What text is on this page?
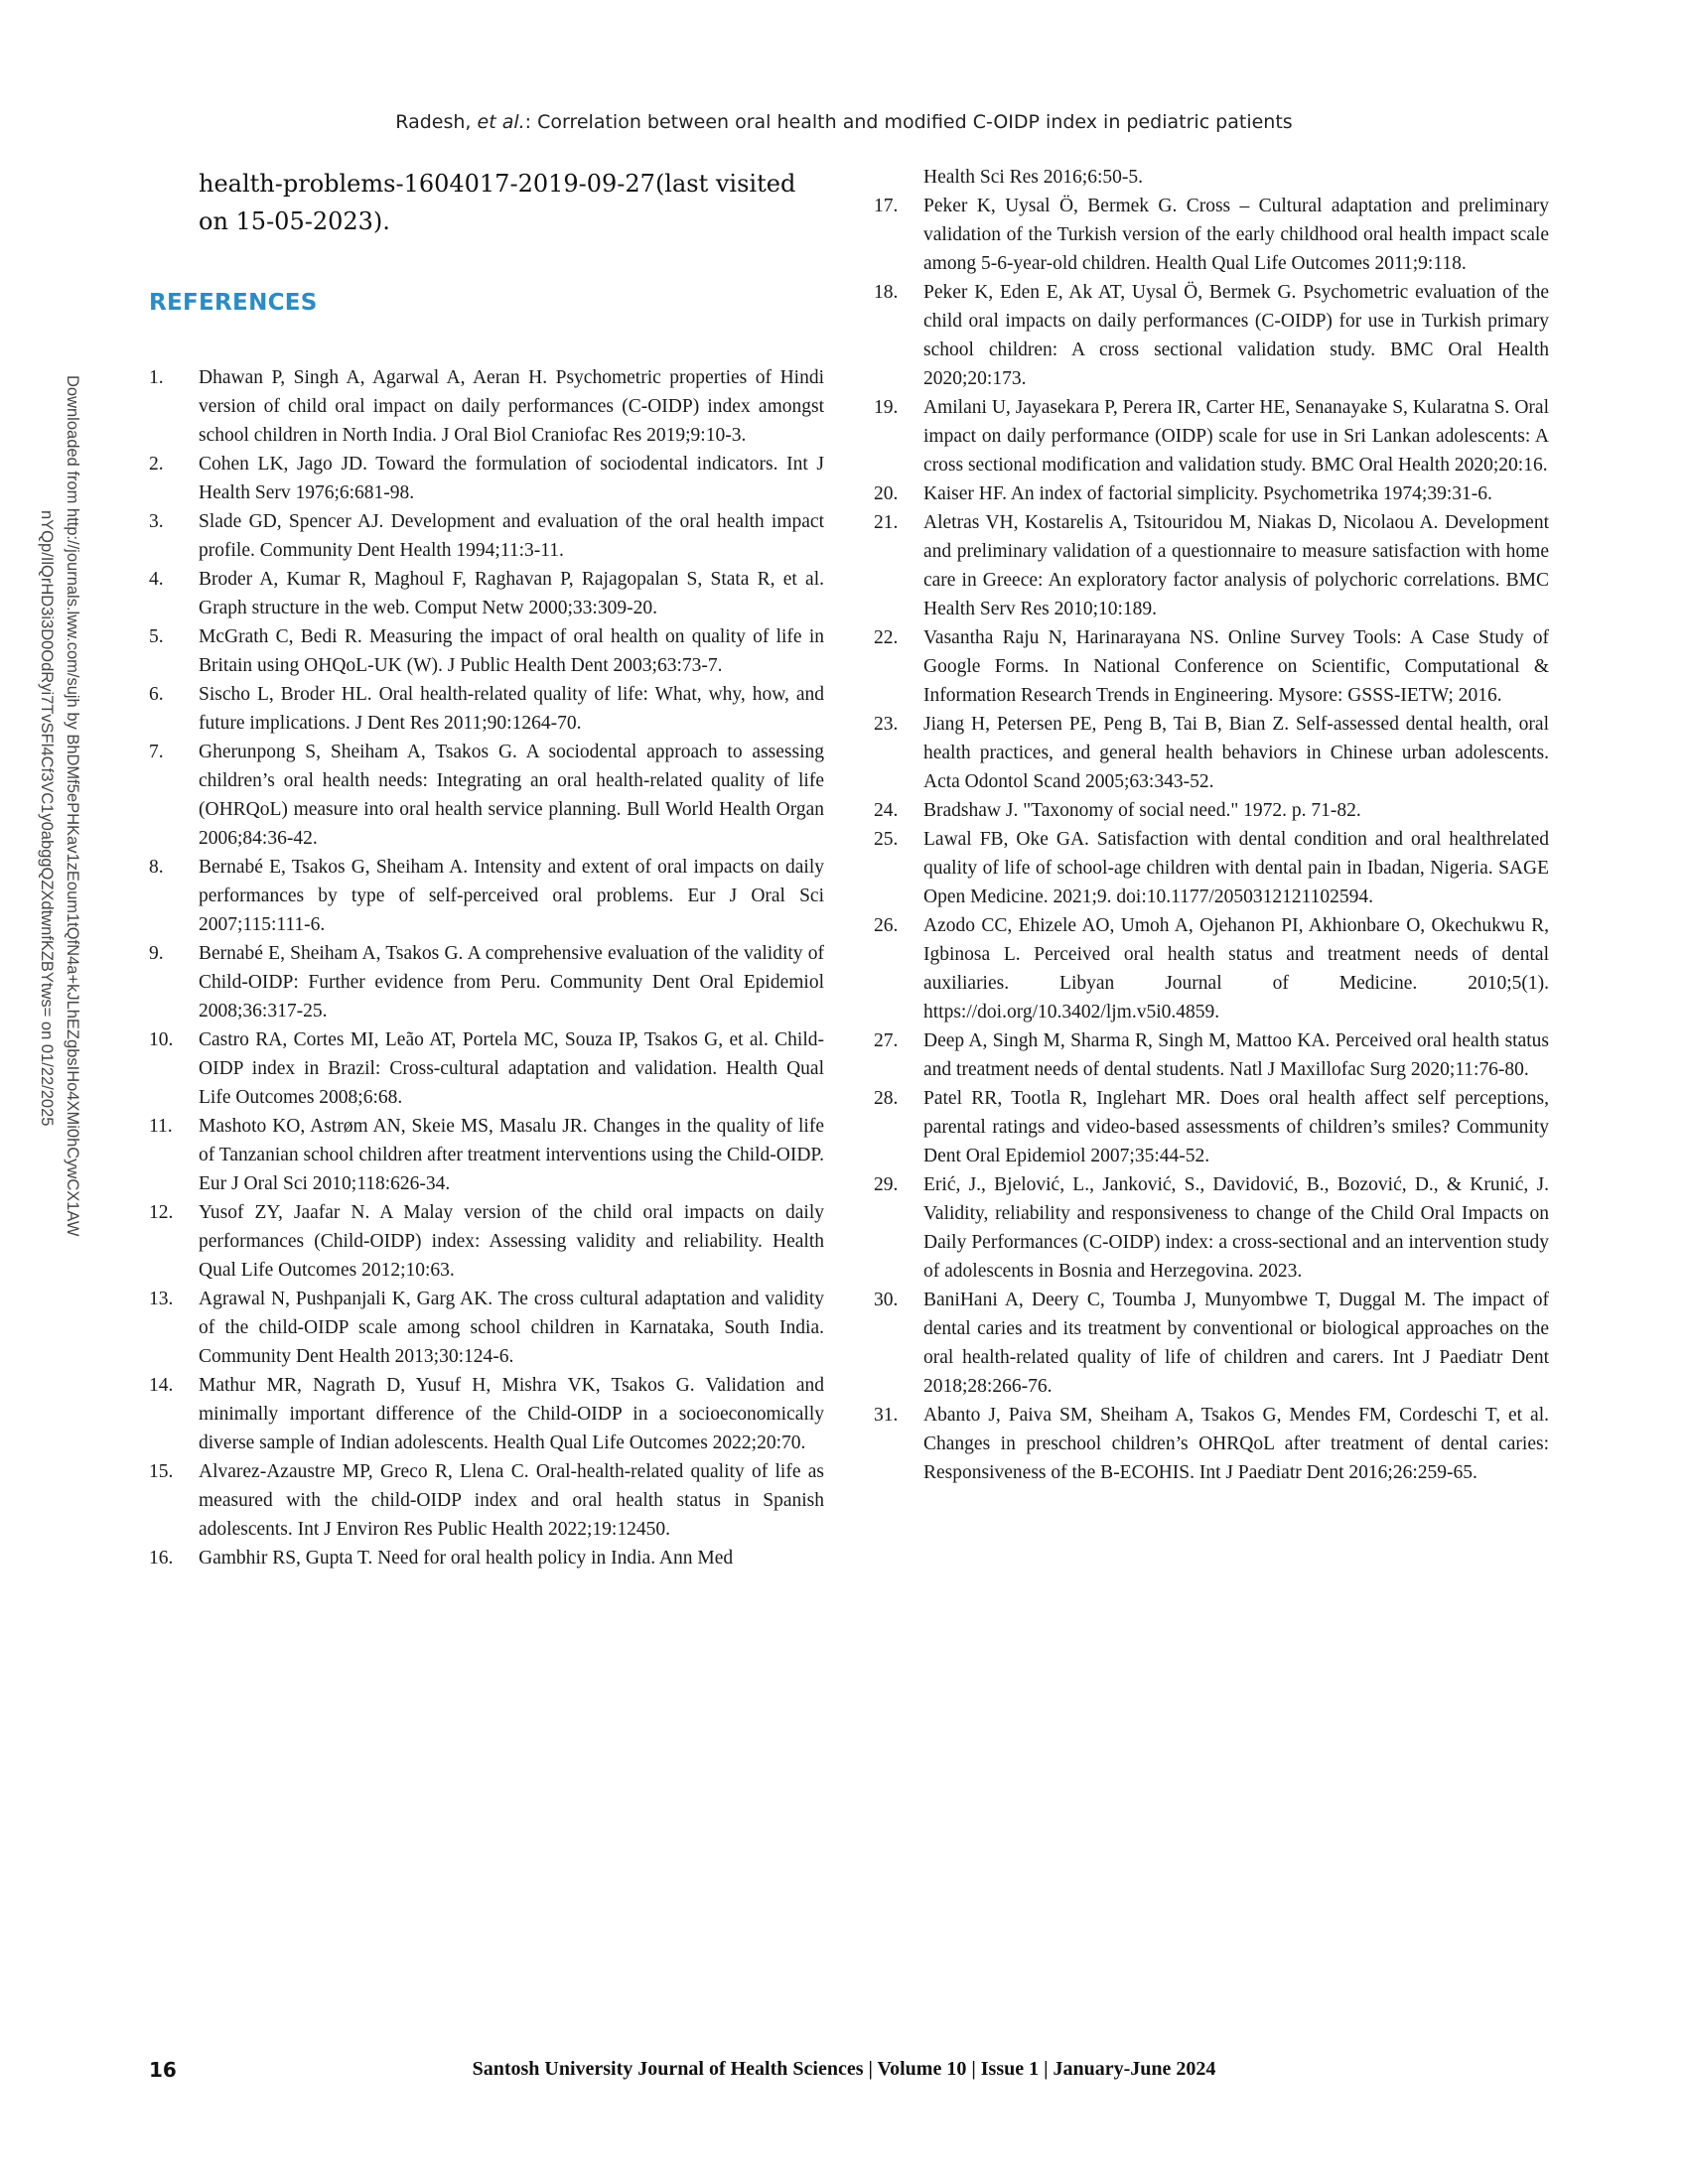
Radesh, et al.: Correlation between oral health and modified C-OIDP index in pediatric patients
Downloaded from http://journals.lww.com/sujh by BhDMf5ePHKav1zEoum1tQfN4a+kJLhEZgbsIHo4XMi0hCywCX1AW
nYQp/IlQrHD3i3D0OdRyi7TvSFl4Cf3VC1y0abggQZXdtwnfKZBYtws= on 01/22/2025

health-problems-1604017-2019-09-27(last visited on 15-05-2023).

REFERENCES
1.	Dhawan P, Singh A, Agarwal A, Aeran H. Psychometric properties of Hindi version of child oral impact on daily performances (C-OIDP) index amongst school children in North India. J Oral Biol Craniofac Res 2019;9:10-3.
2.	Cohen LK, Jago JD. Toward the formulation of sociodental indicators. Int J Health Serv 1976;6:681-98.
3.	Slade GD, Spencer AJ. Development and evaluation of the oral health impact profile. Community Dent Health 1994;11:3-11.
4.	Broder A, Kumar R, Maghoul F, Raghavan P, Rajagopalan S, Stata R, et al. Graph structure in the web. Comput Netw 2000;33:309-20.
5.	McGrath C, Bedi R. Measuring the impact of oral health on quality of life in Britain using OHQoL-UK (W). J Public Health Dent 2003;63:73-7.
6.	Sischo L, Broder HL. Oral health-related quality of life: What, why, how, and future implications. J Dent Res 2011;90:1264-70.
7.	Gherunpong S, Sheiham A, Tsakos G. A sociodental approach to assessing children’s oral health needs: Integrating an oral health-related quality of life (OHRQoL) measure into oral health service planning. Bull World Health Organ 2006;84:36-42.
8.	Bernabé E, Tsakos G, Sheiham A. Intensity and extent of oral impacts on daily performances by type of self-perceived oral problems. Eur J Oral Sci 2007;115:111-6.
9.	Bernabé E, Sheiham A, Tsakos G. A comprehensive evaluation of the validity of Child-OIDP: Further evidence from Peru. Community Dent Oral Epidemiol 2008;36:317-25.
10.	Castro RA, Cortes MI, Leão AT, Portela MC, Souza IP, Tsakos G, et al. Child-OIDP index in Brazil: Cross-cultural adaptation and validation. Health Qual Life Outcomes 2008;6:68.
11.	Mashoto KO, Astrøm AN, Skeie MS, Masalu JR. Changes in the quality of life of Tanzanian school children after treatment interventions using the Child-OIDP. Eur J Oral Sci 2010;118:626-34.
12.	Yusof ZY, Jaafar N. A Malay version of the child oral impacts on daily performances (Child-OIDP) index: Assessing validity and reliability. Health Qual Life Outcomes 2012;10:63.
13.	Agrawal N, Pushpanjali K, Garg AK. The cross cultural adaptation and validity of the child-OIDP scale among school children in Karnataka, South India. Community Dent Health 2013;30:124-6.
14.	Mathur MR, Nagrath D, Yusuf H, Mishra VK, Tsakos G. Validation and minimally important difference of the Child-OIDP in a socioeconomically diverse sample of Indian adolescents. Health Qual Life Outcomes 2022;20:70.
15.	Alvarez-Azaustre MP, Greco R, Llena C. Oral-health-related quality of life as measured with the child-OIDP index and oral health status in Spanish adolescents. Int J Environ Res Public Health 2022;19:12450.
16.	Gambhir RS, Gupta T. Need for oral health policy in India. Ann Med
Health Sci Res 2016;6:50-5.
17.	Peker K, Uysal Ö, Bermek G. Cross – Cultural adaptation and preliminary validation of the Turkish version of the early childhood oral health impact scale among 5-6-year-old children. Health Qual Life Outcomes 2011;9:118.
18.	Peker K, Eden E, Ak AT, Uysal Ö, Bermek G. Psychometric evaluation of the child oral impacts on daily performances (C-OIDP) for use in Turkish primary school children: A cross sectional validation study. BMC Oral Health 2020;20:173.
19.	Amilani U, Jayasekara P, Perera IR, Carter HE, Senanayake S, Kularatna S. Oral impact on daily performance (OIDP) scale for use in Sri Lankan adolescents: A cross sectional modification and validation study. BMC Oral Health 2020;20:16.
20.	Kaiser HF. An index of factorial simplicity. Psychometrika 1974;39:31-6.
21.	Aletras VH, Kostarelis A, Tsitouridou M, Niakas D, Nicolaou A. Development and preliminary validation of a questionnaire to measure satisfaction with home care in Greece: An exploratory factor analysis of polychoric correlations. BMC Health Serv Res 2010;10:189.
22.	Vasantha Raju N, Harinarayana NS. Online Survey Tools: A Case Study of Google Forms. In National Conference on Scientific, Computational & Information Research Trends in Engineering. Mysore: GSSS-IETW; 2016.
23.	Jiang H, Petersen PE, Peng B, Tai B, Bian Z. Self-assessed dental health, oral health practices, and general health behaviors in Chinese urban adolescents. Acta Odontol Scand 2005;63:343-52.
24.	Bradshaw J. "Taxonomy of social need." 1972. p. 71-82.
25.	Lawal FB, Oke GA. Satisfaction with dental condition and oral healthrelated quality of life of school-age children with dental pain in Ibadan, Nigeria. SAGE Open Medicine. 2021;9. doi:10.1177/2050312121102594.
26.	Azodo CC, Ehizele AO, Umoh A, Ojehanon PI, Akhionbare O, Okechukwu R, Igbinosa L. Perceived oral health status and treatment needs of dental auxiliaries. Libyan Journal of Medicine. 2010;5(1). https://doi.org/10.3402/ljm.v5i0.4859.
27.	Deep A, Singh M, Sharma R, Singh M, Mattoo KA. Perceived oral health status and treatment needs of dental students. Natl J Maxillofac Surg 2020;11:76-80.
28.	Patel RR, Tootla R, Inglehart MR. Does oral health affect self perceptions, parental ratings and video-based assessments of children’s smiles? Community Dent Oral Epidemiol 2007;35:44-52.
29.	Erić, J., Bjelović, L., Janković, S., Davidović, B., Bozović, D., & Krunić, J. Validity, reliability and responsiveness to change of the Child Oral Impacts on Daily Performances (C-OIDP) index: a cross-sectional and an intervention study of adolescents in Bosnia and Herzegovina. 2023.
30.	BaniHani A, Deery C, Toumba J, Munyombwe T, Duggal M. The impact of dental caries and its treatment by conventional or biological approaches on the oral health-related quality of life of children and carers. Int J Paediatr Dent 2018;28:266-76.
31.	Abanto J, Paiva SM, Sheiham A, Tsakos G, Mendes FM, Cordeschi T, et al. Changes in preschool children’s OHRQoL after treatment of dental caries: Responsiveness of the B-ECOHIS. Int J Paediatr Dent 2016;26:259-65.
16	Santosh University Journal of Health Sciences | Volume 10 | Issue 1 | January-June 2024
